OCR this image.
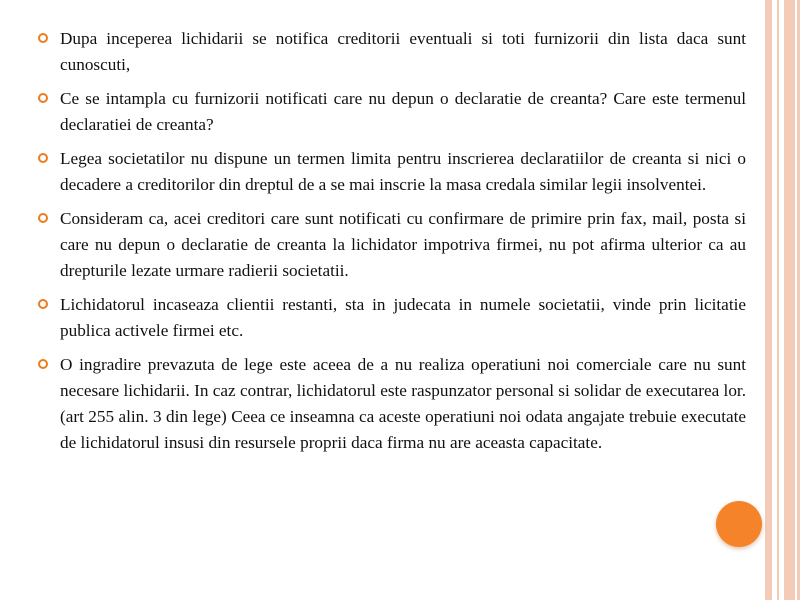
Dupa inceperea lichidarii se notifica creditorii eventuali si toti furnizorii din lista daca sunt cunoscuti,
Ce se intampla cu furnizorii notificati care nu depun o declaratie de creanta? Care este termenul declaratiei de creanta?
Legea societatilor nu dispune un termen limita pentru inscrierea declaratiilor de creanta si nici o decadere a creditorilor din dreptul de a se mai inscrie la masa credala similar legii insolventei.
Consideram ca, acei creditori care sunt notificati cu confirmare de primire prin fax, mail, posta si care nu depun o declaratie de creanta la lichidator impotriva firmei, nu pot afirma ulterior ca au drepturile lezate urmare radierii societatii.
Lichidatorul incaseaza clientii restanti, sta in judecata in numele societatii, vinde prin licitatie publica activele firmei etc.
O ingradire prevazuta de lege este aceea de a nu realiza operatiuni noi comerciale care nu sunt necesare lichidarii. In caz contrar, lichidatorul este raspunzator personal si solidar de executarea lor. (art 255 alin. 3 din lege) Ceea ce inseamna ca aceste operatiuni noi odata angajate trebuie executate de lichidatorul insusi din resursele proprii daca firma nu are aceasta capacitate.
